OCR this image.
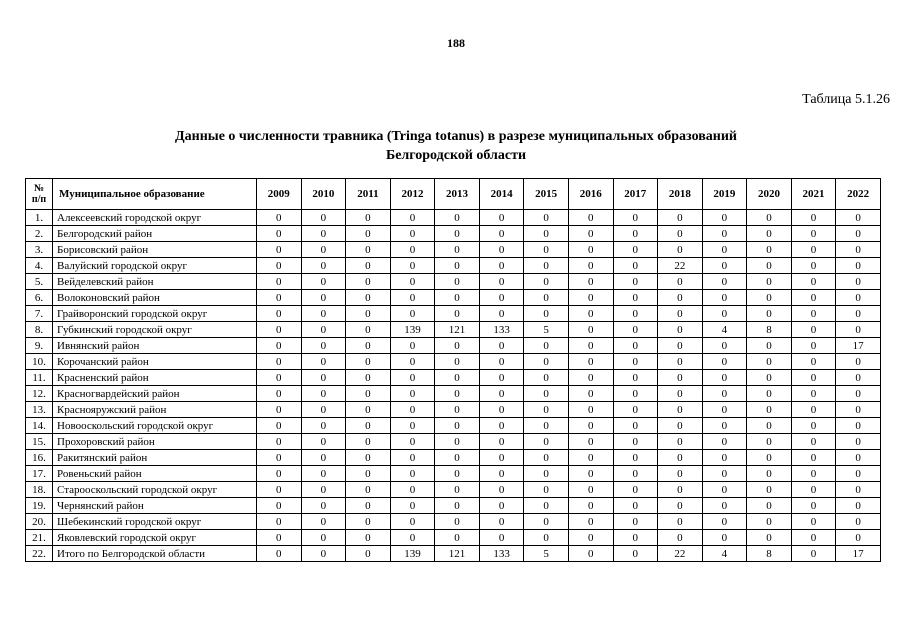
188
Таблица 5.1.26
Данные о численности травника (Tringa totanus) в разрезе муниципальных образований
Белгородской области
№
п/п	Муниципальное образование	2009	2010	2011	2012	2013	2014	2015	2016	2017	2018	2019	2020	2021	2022
1.	Алексеевский городской округ	0	0	0	0	0	0	0	0	0	0	0	0	0	0
2.	Белгородский район	0	0	0	0	0	0	0	0	0	0	0	0	0	0
3.	Борисовский район	0	0	0	0	0	0	0	0	0	0	0	0	0	0
4.	Валуйский городской округ	0	0	0	0	0	0	0	0	0	22	0	0	0	0
5.	Вейделевский район	0	0	0	0	0	0	0	0	0	0	0	0	0	0
6.	Волоконовский район	0	0	0	0	0	0	0	0	0	0	0	0	0	0
7.	Грайворонский городской округ	0	0	0	0	0	0	0	0	0	0	0	0	0	0
8.	Губкинский городской округ	0	0	0	139	121	133	5	0	0	0	4	8	0	0
9.	Ивнянский район	0	0	0	0	0	0	0	0	0	0	0	0	0	17
10.	Корочанский район	0	0	0	0	0	0	0	0	0	0	0	0	0	0
11.	Красненский район	0	0	0	0	0	0	0	0	0	0	0	0	0	0
12.	Красногвардейский район	0	0	0	0	0	0	0	0	0	0	0	0	0	0
13.	Краснояружский район	0	0	0	0	0	0	0	0	0	0	0	0	0	0
14.	Новооскольский городской округ	0	0	0	0	0	0	0	0	0	0	0	0	0	0
15.	Прохоровский район	0	0	0	0	0	0	0	0	0	0	0	0	0	0
16.	Ракитянский район	0	0	0	0	0	0	0	0	0	0	0	0	0	0
17.	Ровеньский район	0	0	0	0	0	0	0	0	0	0	0	0	0	0
18.	Старооскольский городской округ	0	0	0	0	0	0	0	0	0	0	0	0	0	0
19.	Чернянский район	0	0	0	0	0	0	0	0	0	0	0	0	0	0
20.	Шебекинский городской округ	0	0	0	0	0	0	0	0	0	0	0	0	0	0
21.	Яковлевский городской округ	0	0	0	0	0	0	0	0	0	0	0	0	0	0
22.	Итого по Белгородской области	0	0	0	139	121	133	5	0	0	22	4	8	0	17
